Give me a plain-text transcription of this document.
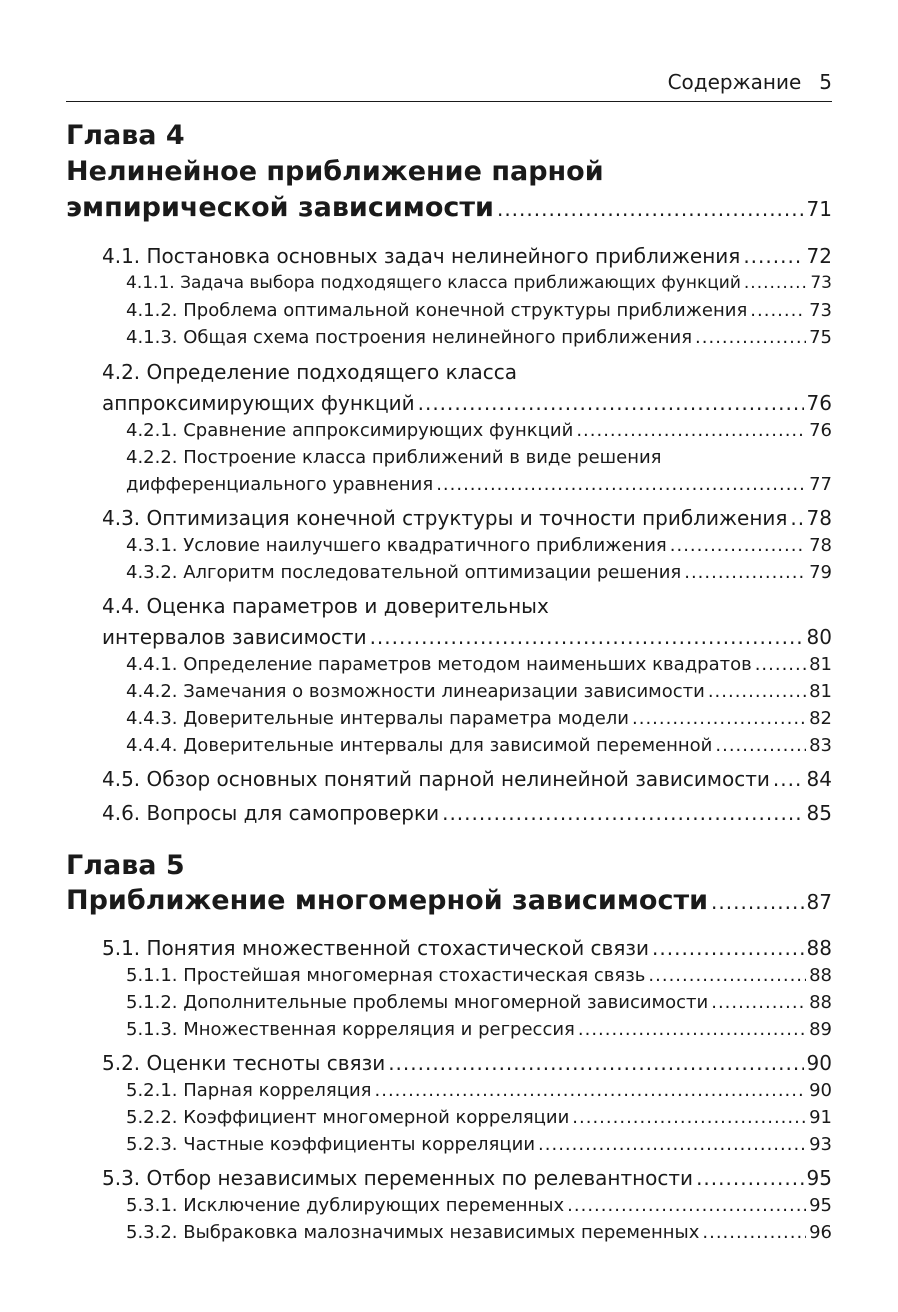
Содержание 5
Глава 4
Нелинейное приближение парной
эмпирической зависимости .....	71
4.1. Постановка основных задач нелинейного приближения .....	72
4.1.1. Задача выбора подходящего класса приближающих функций .....	73
4.1.2. Проблема оптимальной конечной структуры приближения .....	73
4.1.3. Общая схема построения нелинейного приближения .....	75
4.2. Определение подходящего класса
аппроксимирующих функций .....	76
4.2.1. Сравнение аппроксимирующих функций .....	76
4.2.2. Построение класса приближений в виде решения
дифференциального уравнения .....	77
4.3. Оптимизация конечной структуры и точности приближения ..... 78
4.3.1. Условие наилучшего квадратичного приближения .....	78
4.3.2. Алгоритм последовательной оптимизации решения .....	79
4.4. Оценка параметров и доверительных
интервалов зависимости .....	80
4.4.1. Определение параметров методом наименьших квадратов .....	81
4.4.2. Замечания о возможности линеаризации зависимости .....	81
4.4.3. Доверительные интервалы параметра модели .....	82
4.4.4. Доверительные интервалы для зависимой переменной .....	83
4.5. Обзор основных понятий парной нелинейной зависимости ..... 84
4.6. Вопросы для самопроверки .....	85
Глава 5
Приближение многомерной зависимости .....	87
5.1. Понятия множественной стохастической связи .....	88
5.1.1. Простейшая многомерная стохастическая связь .....	88
5.1.2. Дополнительные проблемы многомерной зависимости .....	88
5.1.3. Множественная корреляция и регрессия .....	89
5.2. Оценки тесноты связи .....	90
5.2.1. Парная корреляция .....	90
5.2.2. Коэффициент многомерной корреляции .....	91
5.2.3. Частные коэффициенты корреляции .....	93
5.3. Отбор независимых переменных по релевантности .....	95
5.3.1. Исключение дублирующих переменных .....	95
5.3.2. Выбраковка малозначимых независимых переменных .....	96
